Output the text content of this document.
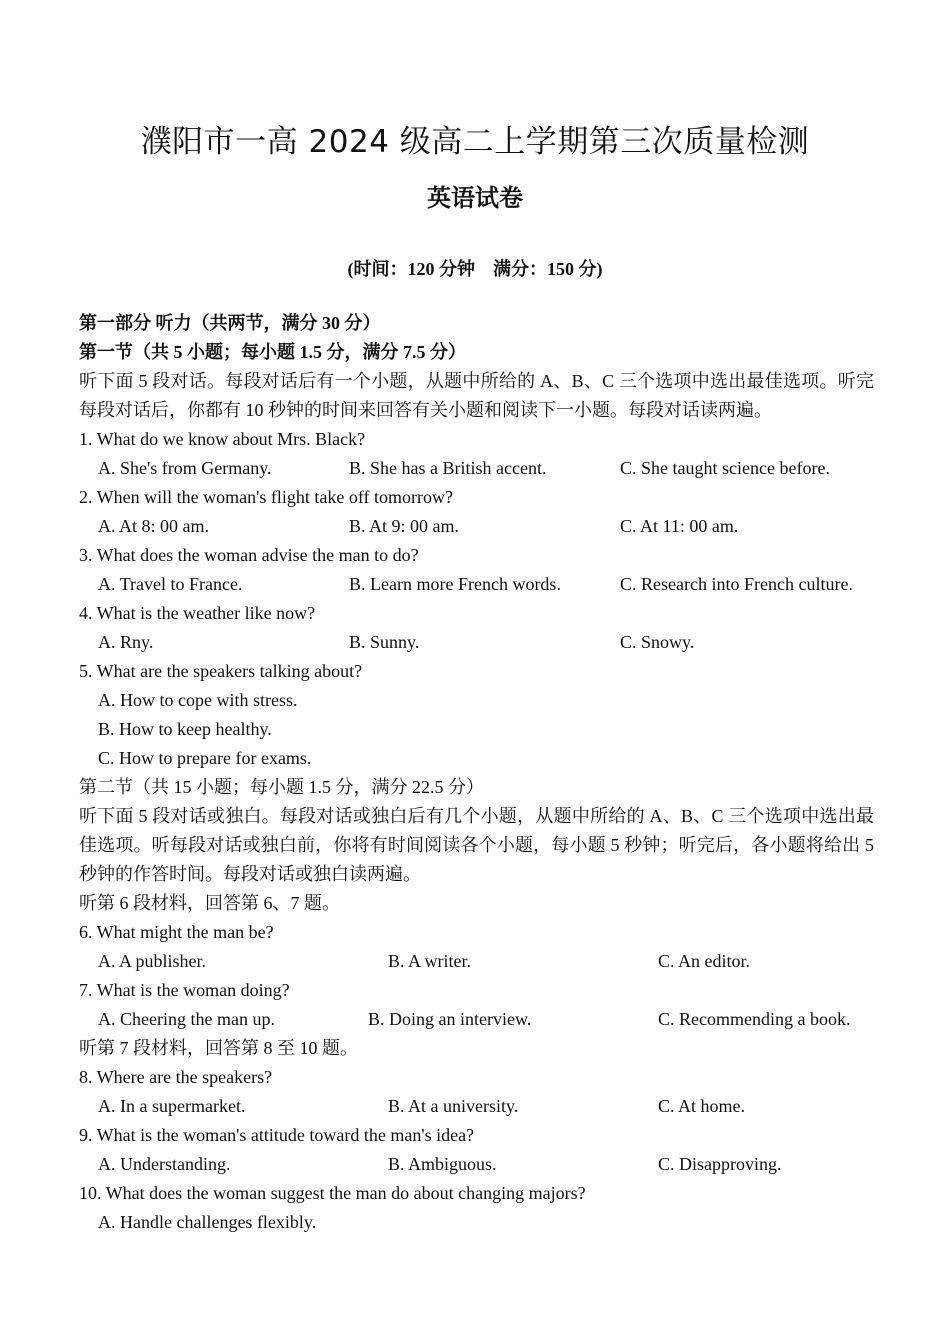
濮阳市一高 2024 级高二上学期第三次质量检测
英语试卷
(时间：120 分钟　满分：150 分)
第一部分 听力（共两节，满分 30 分）
第一节（共 5 小题；每小题 1.5 分，满分 7.5 分）
听下面 5 段对话。每段对话后有一个小题，从题中所给的 A、B、C 三个选项中选出最佳选项。听完每段对话后，你都有 10 秒钟的时间来回答有关小题和阅读下一小题。每段对话读两遍。
1. What do we know about Mrs. Black?
A. She's from Germany.	B. She has a British accent.	C. She taught science before.
2. When will the woman's flight take off tomorrow?
A. At 8: 00 am.	B. At 9: 00 am.	C. At 11: 00 am.
3. What does the woman advise the man to do?
A. Travel to France.	B. Learn more French words.	C. Research into French culture.
4. What is the weather like now?
A. Rny.	B. Sunny.	C. Snowy.
5. What are the speakers talking about?
A. How to cope with stress.
B. How to keep healthy.
C. How to prepare for exams.
第二节（共 15 小题；每小题 1.5 分，满分 22.5 分）
听下面 5 段对话或独白。每段对话或独白后有几个小题，从题中所给的 A、B、C 三个选项中选出最佳选项。听每段对话或独白前，你将有时间阅读各个小题，每小题 5 秒钟；听完后，各小题将给出 5 秒钟的作答时间。每段对话或独白读两遍。
听第 6 段材料，回答第 6、7 题。
6. What might the man be?
A. A publisher.	B. A writer.	C. An editor.
7. What is the woman doing?
A. Cheering the man up.	B. Doing an interview.	C. Recommending a book.
听第 7 段材料，回答第 8 至 10 题。
8. Where are the speakers?
A. In a supermarket.	B. At a university.	C. At home.
9. What is the woman's attitude toward the man's idea?
A. Understanding.	B. Ambiguous.	C. Disapproving.
10. What does the woman suggest the man do about changing majors?
A. Handle challenges flexibly.
